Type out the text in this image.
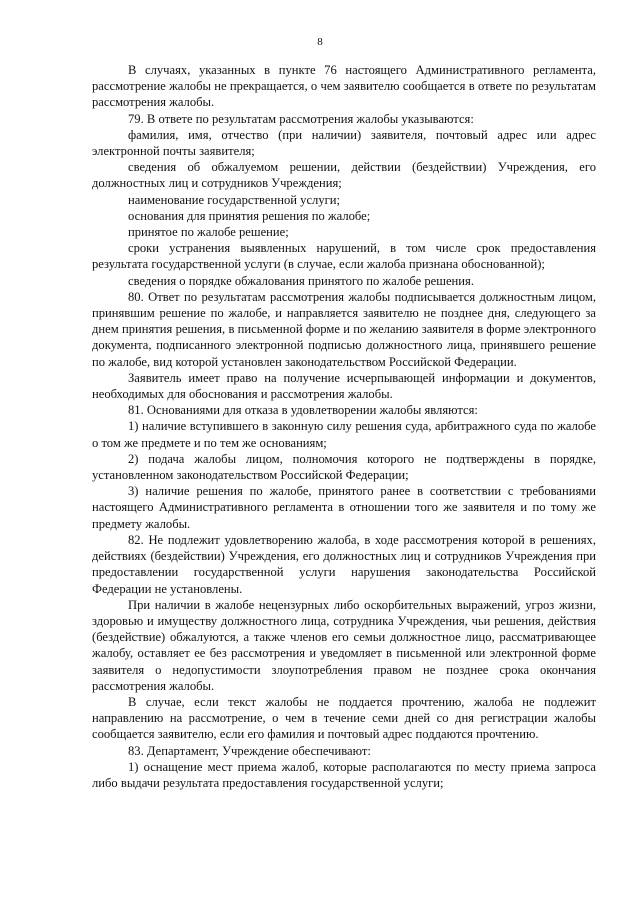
8

В случаях, указанных в пункте 76 настоящего Административного регламента, рассмотрение жалобы не прекращается, о чем заявителю сообщается в ответе по результатам рассмотрения жалобы.

79. В ответе по результатам рассмотрения жалобы указываются:

фамилия, имя, отчество (при наличии) заявителя, почтовый адрес или адрес электронной почты заявителя;

сведения об обжалуемом решении, действии (бездействии) Учреждения, его должностных лиц и сотрудников Учреждения;

наименование государственной услуги;

основания для принятия решения по жалобе;

принятое по жалобе решение;

сроки устранения выявленных нарушений, в том числе срок предоставления результата государственной услуги (в случае, если жалоба признана обоснованной);

сведения о порядке обжалования принятого по жалобе решения.

80. Ответ по результатам рассмотрения жалобы подписывается должностным лицом, принявшим решение по жалобе, и направляется заявителю не позднее дня, следующего за днем принятия решения, в письменной форме и по желанию заявителя в форме электронного документа, подписанного электронной подписью должностного лица, принявшего решение по жалобе, вид которой установлен законодательством Российской Федерации.

Заявитель имеет право на получение исчерпывающей информации и документов, необходимых для обоснования и рассмотрения жалобы.

81. Основаниями для отказа в удовлетворении жалобы являются:

1) наличие вступившего в законную силу решения суда, арбитражного суда по жалобе о том же предмете и по тем же основаниям;

2) подача жалобы лицом, полномочия которого не подтверждены в порядке, установленном законодательством Российской Федерации;

3) наличие решения по жалобе, принятого ранее в соответствии с требованиями настоящего Административного регламента в отношении того же заявителя и по тому же предмету жалобы.

82. Не подлежит удовлетворению жалоба, в ходе рассмотрения которой в решениях, действиях (бездействии) Учреждения, его должностных лиц и сотрудников Учреждения при предоставлении государственной услуги нарушения законодательства Российской Федерации не установлены.

При наличии в жалобе нецензурных либо оскорбительных выражений, угроз жизни, здоровью и имуществу должностного лица, сотрудника Учреждения, чьи решения, действия (бездействие) обжалуются, а также членов его семьи должностное лицо, рассматривающее жалобу, оставляет ее без рассмотрения и уведомляет в письменной или электронной форме заявителя о недопустимости злоупотребления правом не позднее срока окончания рассмотрения жалобы.

В случае, если текст жалобы не поддается прочтению, жалоба не подлежит направлению на рассмотрение, о чем в течение семи дней со дня регистрации жалобы сообщается заявителю, если его фамилия и почтовый адрес поддаются прочтению.

83. Департамент, Учреждение обеспечивают:

1) оснащение мест приема жалоб, которые располагаются по месту приема запроса либо выдачи результата предоставления государственной услуги;
